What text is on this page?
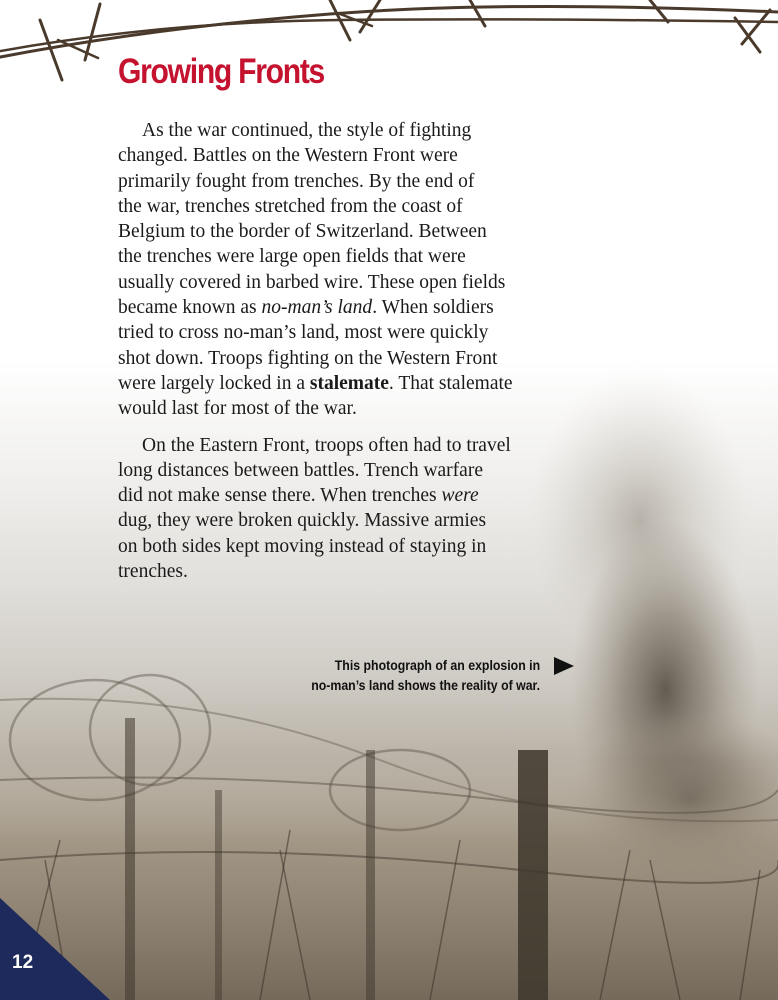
Growing Fronts

As the war continued, the style of fighting
changed. Battles on the Western Front were
primarily fought from trenches. By the end of
the war, trenches stretched from the coast of
Belgium to the border of Switzerland. Between
the trenches were large open fields that were
usually covered in barbed wire. These open fields
became known as no-man’s land. When soldiers
tried to cross no-man’s land, most were quickly
shot down. Troops fighting on the Western Front
were largely locked in a stalemate. That stalemate
would last for most of the war.

On the Eastern Front, troops often had to travel
long distances between battles. Trench warfare
did not make sense there. When trenches were
dug, they were broken quickly. Massive armies
on both sides kept moving instead of staying in
trenches.

This photograph of an explosion in
no-man’s land shows the reality of war.
12
